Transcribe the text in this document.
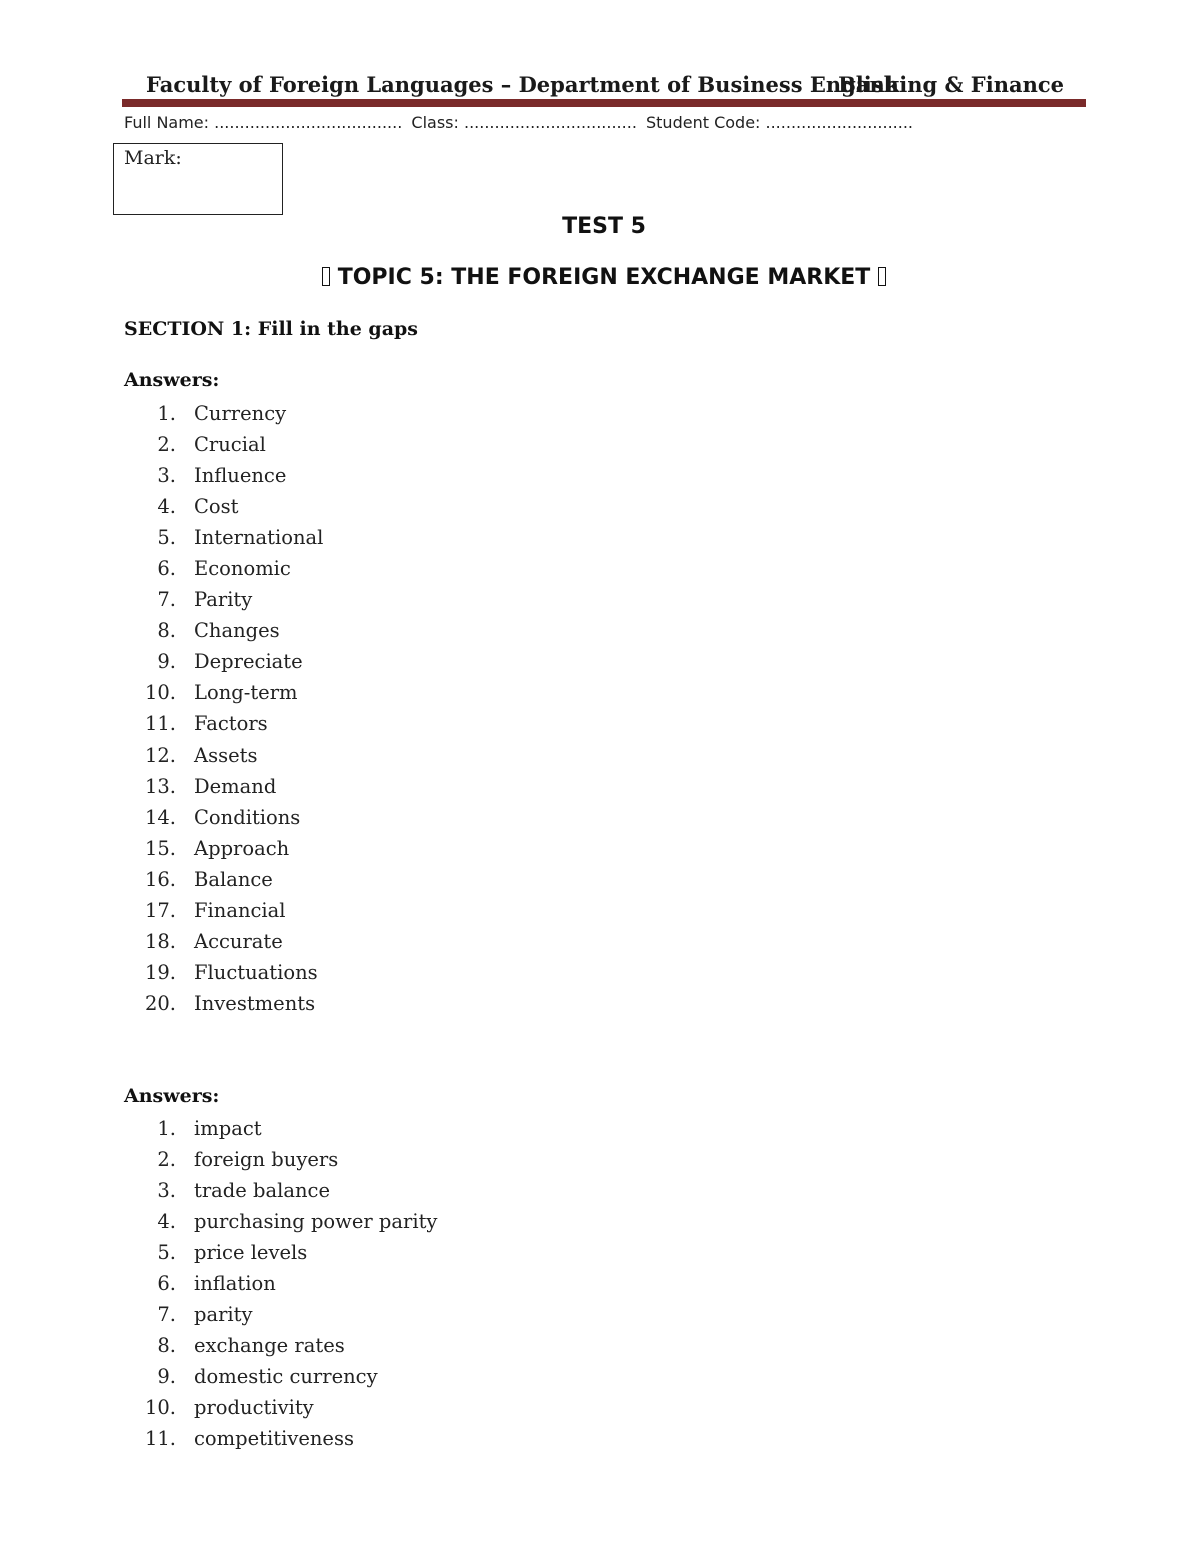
Faculty of Foreign Languages – Department of Business English
Banking & Finance
Full Name: ..................................... Class: .................................. Student Code: .............................
Mark:
TEST 5
TOPIC 5: THE FOREIGN EXCHANGE MARKET
SECTION 1: Fill in the gaps
Answers:
1. Currency
2. Crucial
3. Influence
4. Cost
5. International
6. Economic
7. Parity
8. Changes
9. Depreciate
10. Long-term
11. Factors
12. Assets
13. Demand
14. Conditions
15. Approach
16. Balance
17. Financial
18. Accurate
19. Fluctuations
20. Investments
Answers:
1. impact
2. foreign buyers
3. trade balance
4. purchasing power parity
5. price levels
6. inflation
7. parity
8. exchange rates
9. domestic currency
10. productivity
11. competitiveness
